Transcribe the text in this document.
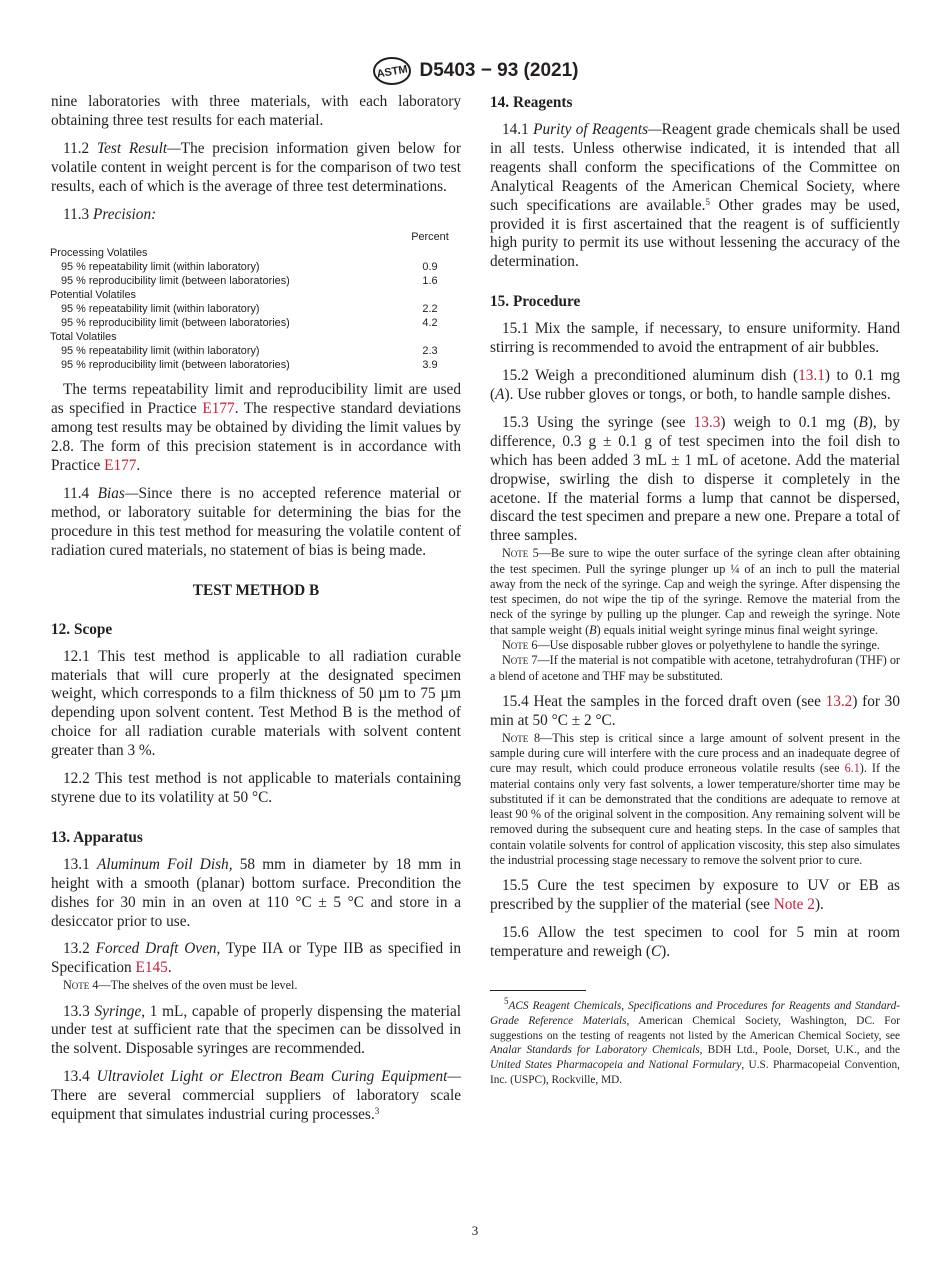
ASTM D5403 − 93 (2021)

nine laboratories with three materials, with each laboratory obtaining three test results for each material.

11.2 Test Result—The precision information given below for volatile content in weight percent is for the comparison of two test results, each of which is the average of three test determinations.

11.3 Precision:

Percent
Processing Volatiles
95 % repeatability limit (within laboratory)	0.9
95 % reproducibility limit (between laboratories)	1.6
Potential Volatiles
95 % repeatability limit (within laboratory)	2.2
95 % reproducibility limit (between laboratories)	4.2
Total Volatiles
95 % repeatability limit (within laboratory)	2.3
95 % reproducibility limit (between laboratories)	3.9

The terms repeatability limit and reproducibility limit are used as specified in Practice E177. The respective standard deviations among test results may be obtained by dividing the limit values by 2.8. The form of this precision statement is in accordance with Practice E177.

11.4 Bias—Since there is no accepted reference material or method, or laboratory suitable for determining the bias for the procedure in this test method for measuring the volatile content of radiation cured materials, no statement of bias is being made.

TEST METHOD B
12. Scope

12.1 This test method is applicable to all radiation curable materials that will cure properly at the designated specimen weight, which corresponds to a film thickness of 50 µm to 75 µm depending upon solvent content. Test Method B is the method of choice for all radiation curable materials with solvent content greater than 3 %.

12.2 This test method is not applicable to materials containing styrene due to its volatility at 50 °C.

13. Apparatus

13.1 Aluminum Foil Dish, 58 mm in diameter by 18 mm in height with a smooth (planar) bottom surface. Precondition the dishes for 30 min in an oven at 110 °C ± 5 °C and store in a desiccator prior to use.

13.2 Forced Draft Oven, Type IIA or Type IIB as specified in Specification E145.

Note 4—The shelves of the oven must be level.

13.3 Syringe, 1 mL, capable of properly dispensing the material under test at sufficient rate that the specimen can be dissolved in the solvent. Disposable syringes are recommended.

13.4 Ultraviolet Light or Electron Beam Curing Equipment—There are several commercial suppliers of laboratory scale equipment that simulates industrial curing processes.$^3$

14. Reagents

14.1 Purity of Reagents—Reagent grade chemicals shall be used in all tests. Unless otherwise indicated, it is intended that all reagents shall conform the specifications of the Committee on Analytical Reagents of the American Chemical Society, where such specifications are available.$^5$ Other grades may be used, provided it is first ascertained that the reagent is of sufficiently high purity to permit its use without lessening the accuracy of the determination.

15. Procedure

15.1 Mix the sample, if necessary, to ensure uniformity. Hand stirring is recommended to avoid the entrapment of air bubbles.

15.2 Weigh a preconditioned aluminum dish (13.1) to 0.1 mg (A). Use rubber gloves or tongs, or both, to handle sample dishes.

15.3 Using the syringe (see 13.3) weigh to 0.1 mg (B), by difference, 0.3 g ± 0.1 g of test specimen into the foil dish to which has been added 3 mL ± 1 mL of acetone. Add the material dropwise, swirling the dish to disperse it completely in the acetone. If the material forms a lump that cannot be dispersed, discard the test specimen and prepare a new one. Prepare a total of three samples.

Note 5—Be sure to wipe the outer surface of the syringe clean after obtaining the test specimen. Pull the syringe plunger up ¼ of an inch to pull the material away from the neck of the syringe. Cap and weigh the syringe. After dispensing the test specimen, do not wipe the tip of the syringe. Remove the material from the neck of the syringe by pulling up the plunger. Cap and reweigh the syringe. Note that sample weight (B) equals initial weight syringe minus final weight syringe.

Note 6—Use disposable rubber gloves or polyethylene to handle the syringe.

Note 7—If the material is not compatible with acetone, tetrahydrofuran (THF) or a blend of acetone and THF may be substituted.

15.4 Heat the samples in the forced draft oven (see 13.2) for 30 min at 50 °C ± 2 °C.

Note 8—This step is critical since a large amount of solvent present in the sample during cure will interfere with the cure process and an inadequate degree of cure may result, which could produce erroneous volatile results (see 6.1). If the material contains only very fast solvents, a lower temperature/shorter time may be substituted if it can be demonstrated that the conditions are adequate to remove at least 90 % of the original solvent in the composition. Any remaining solvent will be removed during the subsequent cure and heating steps. In the case of samples that contain volatile solvents for control of application viscosity, this step also simulates the industrial processing stage necessary to remove the solvent prior to cure.

15.5 Cure the test specimen by exposure to UV or EB as prescribed by the supplier of the material (see Note 2).

15.6 Allow the test specimen to cool for 5 min at room temperature and reweigh (C).

$^5$ACS Reagent Chemicals, Specifications and Procedures for Reagents and Standard-Grade Reference Materials, American Chemical Society, Washington, DC. For suggestions on the testing of reagents not listed by the American Chemical Society, see Analar Standards for Laboratory Chemicals, BDH Ltd., Poole, Dorset, U.K., and the United States Pharmacopeia and National Formulary, U.S. Pharmacopeial Convention, Inc. (USPC), Rockville, MD.

3
